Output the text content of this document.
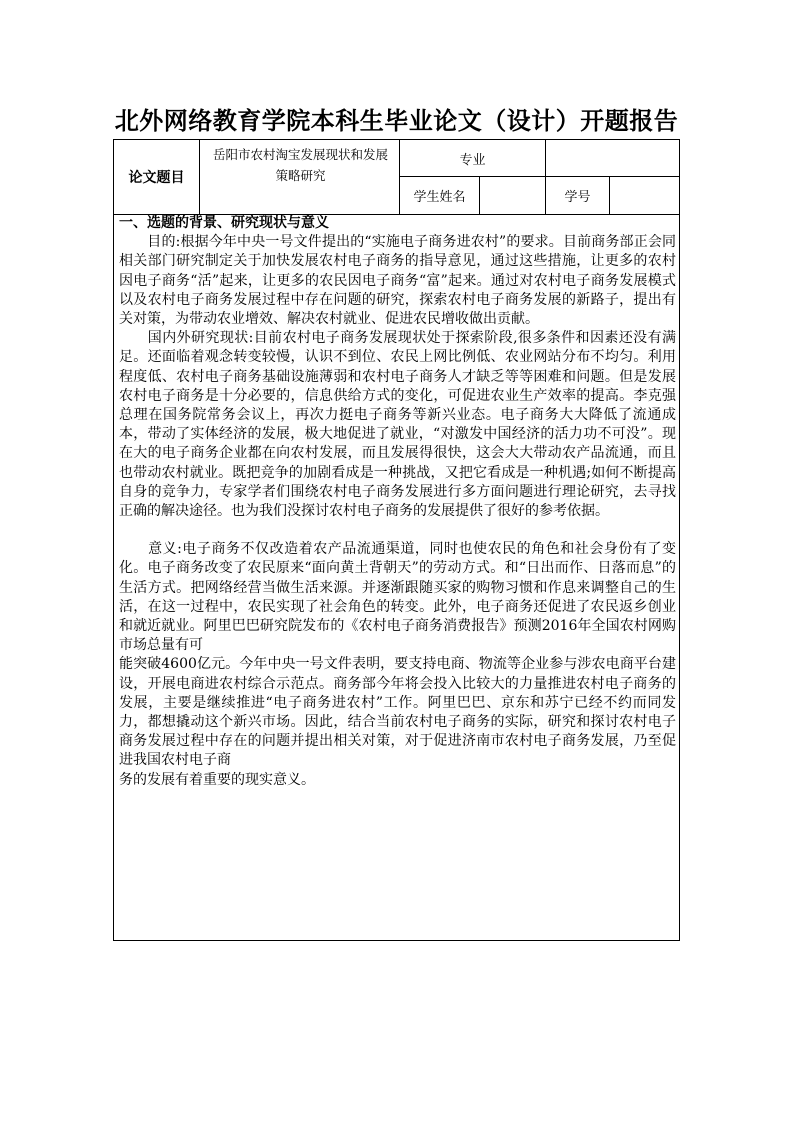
北外网络教育学院本科生毕业论文（设计）开题报告
论文题目
岳阳市农村淘宝发展现状和发展策略研究
专业
学生姓名	学号

一、选题的背景、研究现状与意义

　　目的:根据今年中央一号文件提出的“实施电子商务进农村”的要求。目前商务部正会同相关部门研究制定关于加快发展农村电子商务的指导意见，通过这些措施，让更多的农村因电子商务“活”起来，让更多的农民因电子商务“富”起来。通过对农村电子商务发展模式以及农村电子商务发展过程中存在问题的研究，探索农村电子商务发展的新路子，提出有关对策，为带动农业增效、解决农村就业、促进农民增收做出贡献。

　　国内外研究现状:目前农村电子商务发展现状处于探索阶段,很多条件和因素还没有满足。还面临着观念转变较慢，认识不到位、农民上网比例低、农业网站分布不均匀。利用程度低、农村电子商务基础设施薄弱和农村电子商务人才缺乏等等困难和问题。但是发展农村电子商务是十分必要的，信息供给方式的变化，可促进农业生产效率的提高。李克强总理在国务院常务会议上，再次力挺电子商务等新兴业态。电子商务大大降低了流通成本，带动了实体经济的发展，极大地促进了就业，“对激发中国经济的活力功不可没”。现在大的电子商务企业都在向农村发展，而且发展得很快，这会大大带动农产品流通，而且也带动农村就业。既把竞争的加剧看成是一种挑战，又把它看成是一种机遇;如何不断提高自身的竞争力，专家学者们围绕农村电子商务发展进行多方面问题进行理论研究，去寻找正确的解决途径。也为我们没探讨农村电子商务的发展提供了很好的参考依据。

　　意义:电子商务不仅改造着农产品流通渠道，同时也使农民的角色和社会身份有了变化。电子商务改变了农民原来“面向黄土背朝天”的劳动方式。和“日出而作、日落而息”的生活方式。把网络经营当做生活来源。并逐渐跟随买家的购物习惯和作息来调整自己的生活，在这一过程中，农民实现了社会角色的转变。此外，电子商务还促进了农民返乡创业和就近就业。阿里巴巴研究院发布的《农村电子商务消费报告》预测2016年全国农村网购市场总量有可

能突破4600亿元。今年中央一号文件表明，要支持电商、物流等企业参与涉农电商平台建设，开展电商进农村综合示范点。商务部今年将会投入比较大的力量推进农村电子商务的发展，主要是继续推进“电子商务进农村”工作。阿里巴巴、京东和苏宁已经不约而同发力，都想撬动这个新兴市场。因此，结合当前农村电子商务的实际，研究和探讨农村电子商务发展过程中存在的问题并提出相关对策，对于促进济南市农村电子商务发展，乃至促进我国农村电子商

务的发展有着重要的现实意义。
